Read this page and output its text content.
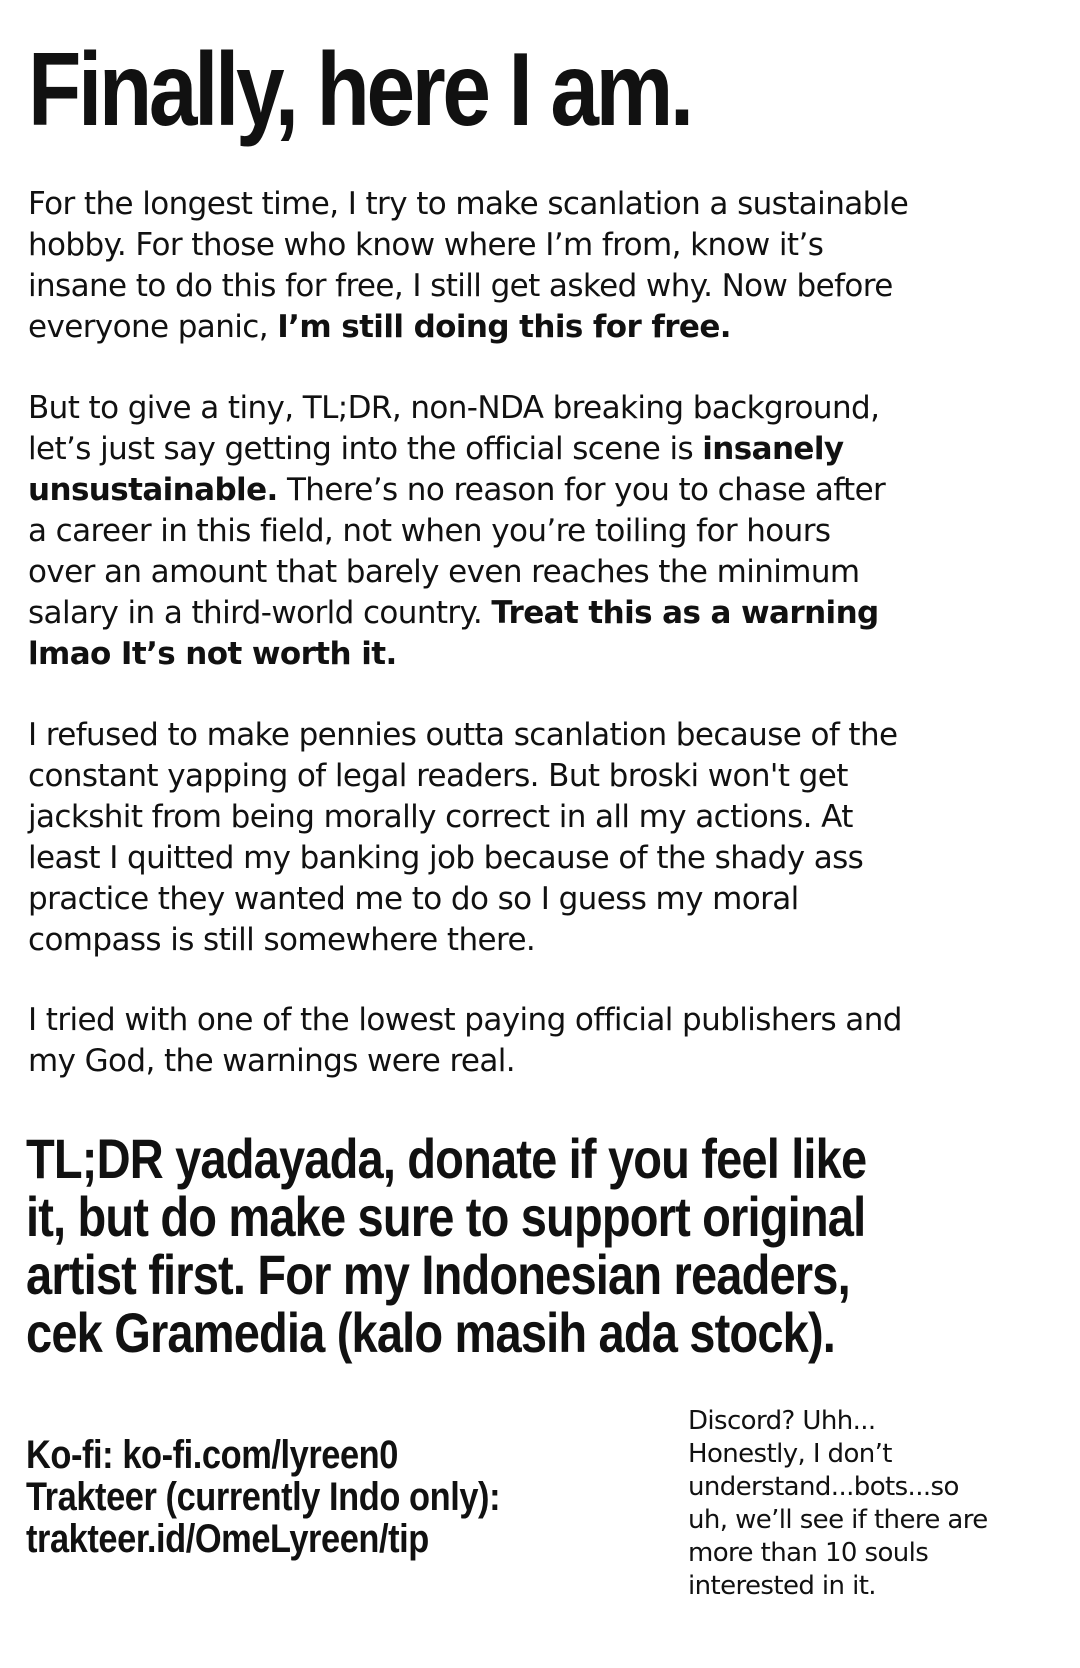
Finally, here I am.
For the longest time, I try to make scanlation a sustainable
hobby. For those who know where I’m from, know it’s
insane to do this for free, I still get asked why. Now before
everyone panic, I’m still doing this for free.
But to give a tiny, TL;DR, non-NDA breaking background,
let’s just say getting into the official scene is insanely
unsustainable. There’s no reason for you to chase after
a career in this field, not when you’re toiling for hours
over an amount that barely even reaches the minimum
salary in a third-world country. Treat this as a warning
lmao It’s not worth it.
I refused to make pennies outta scanlation because of the
constant yapping of legal readers. But broski won't get
jackshit from being morally correct in all my actions. At
least I quitted my banking job because of the shady ass
practice they wanted me to do so I guess my moral
compass is still somewhere there.
I tried with one of the lowest paying official publishers and
my God, the warnings were real.
TL;DR yadayada, donate if you feel like
it, but do make sure to support original
artist first. For my Indonesian readers,
cek Gramedia (kalo masih ada stock).
Ko-fi: ko-fi.com/lyreen0
Trakteer (currently Indo only):
trakteer.id/OmeLyreen/tip
Discord? Uhh...
Honestly, I don’t
understand...bots...so
uh, we’ll see if there are
more than 10 souls
interested in it.
